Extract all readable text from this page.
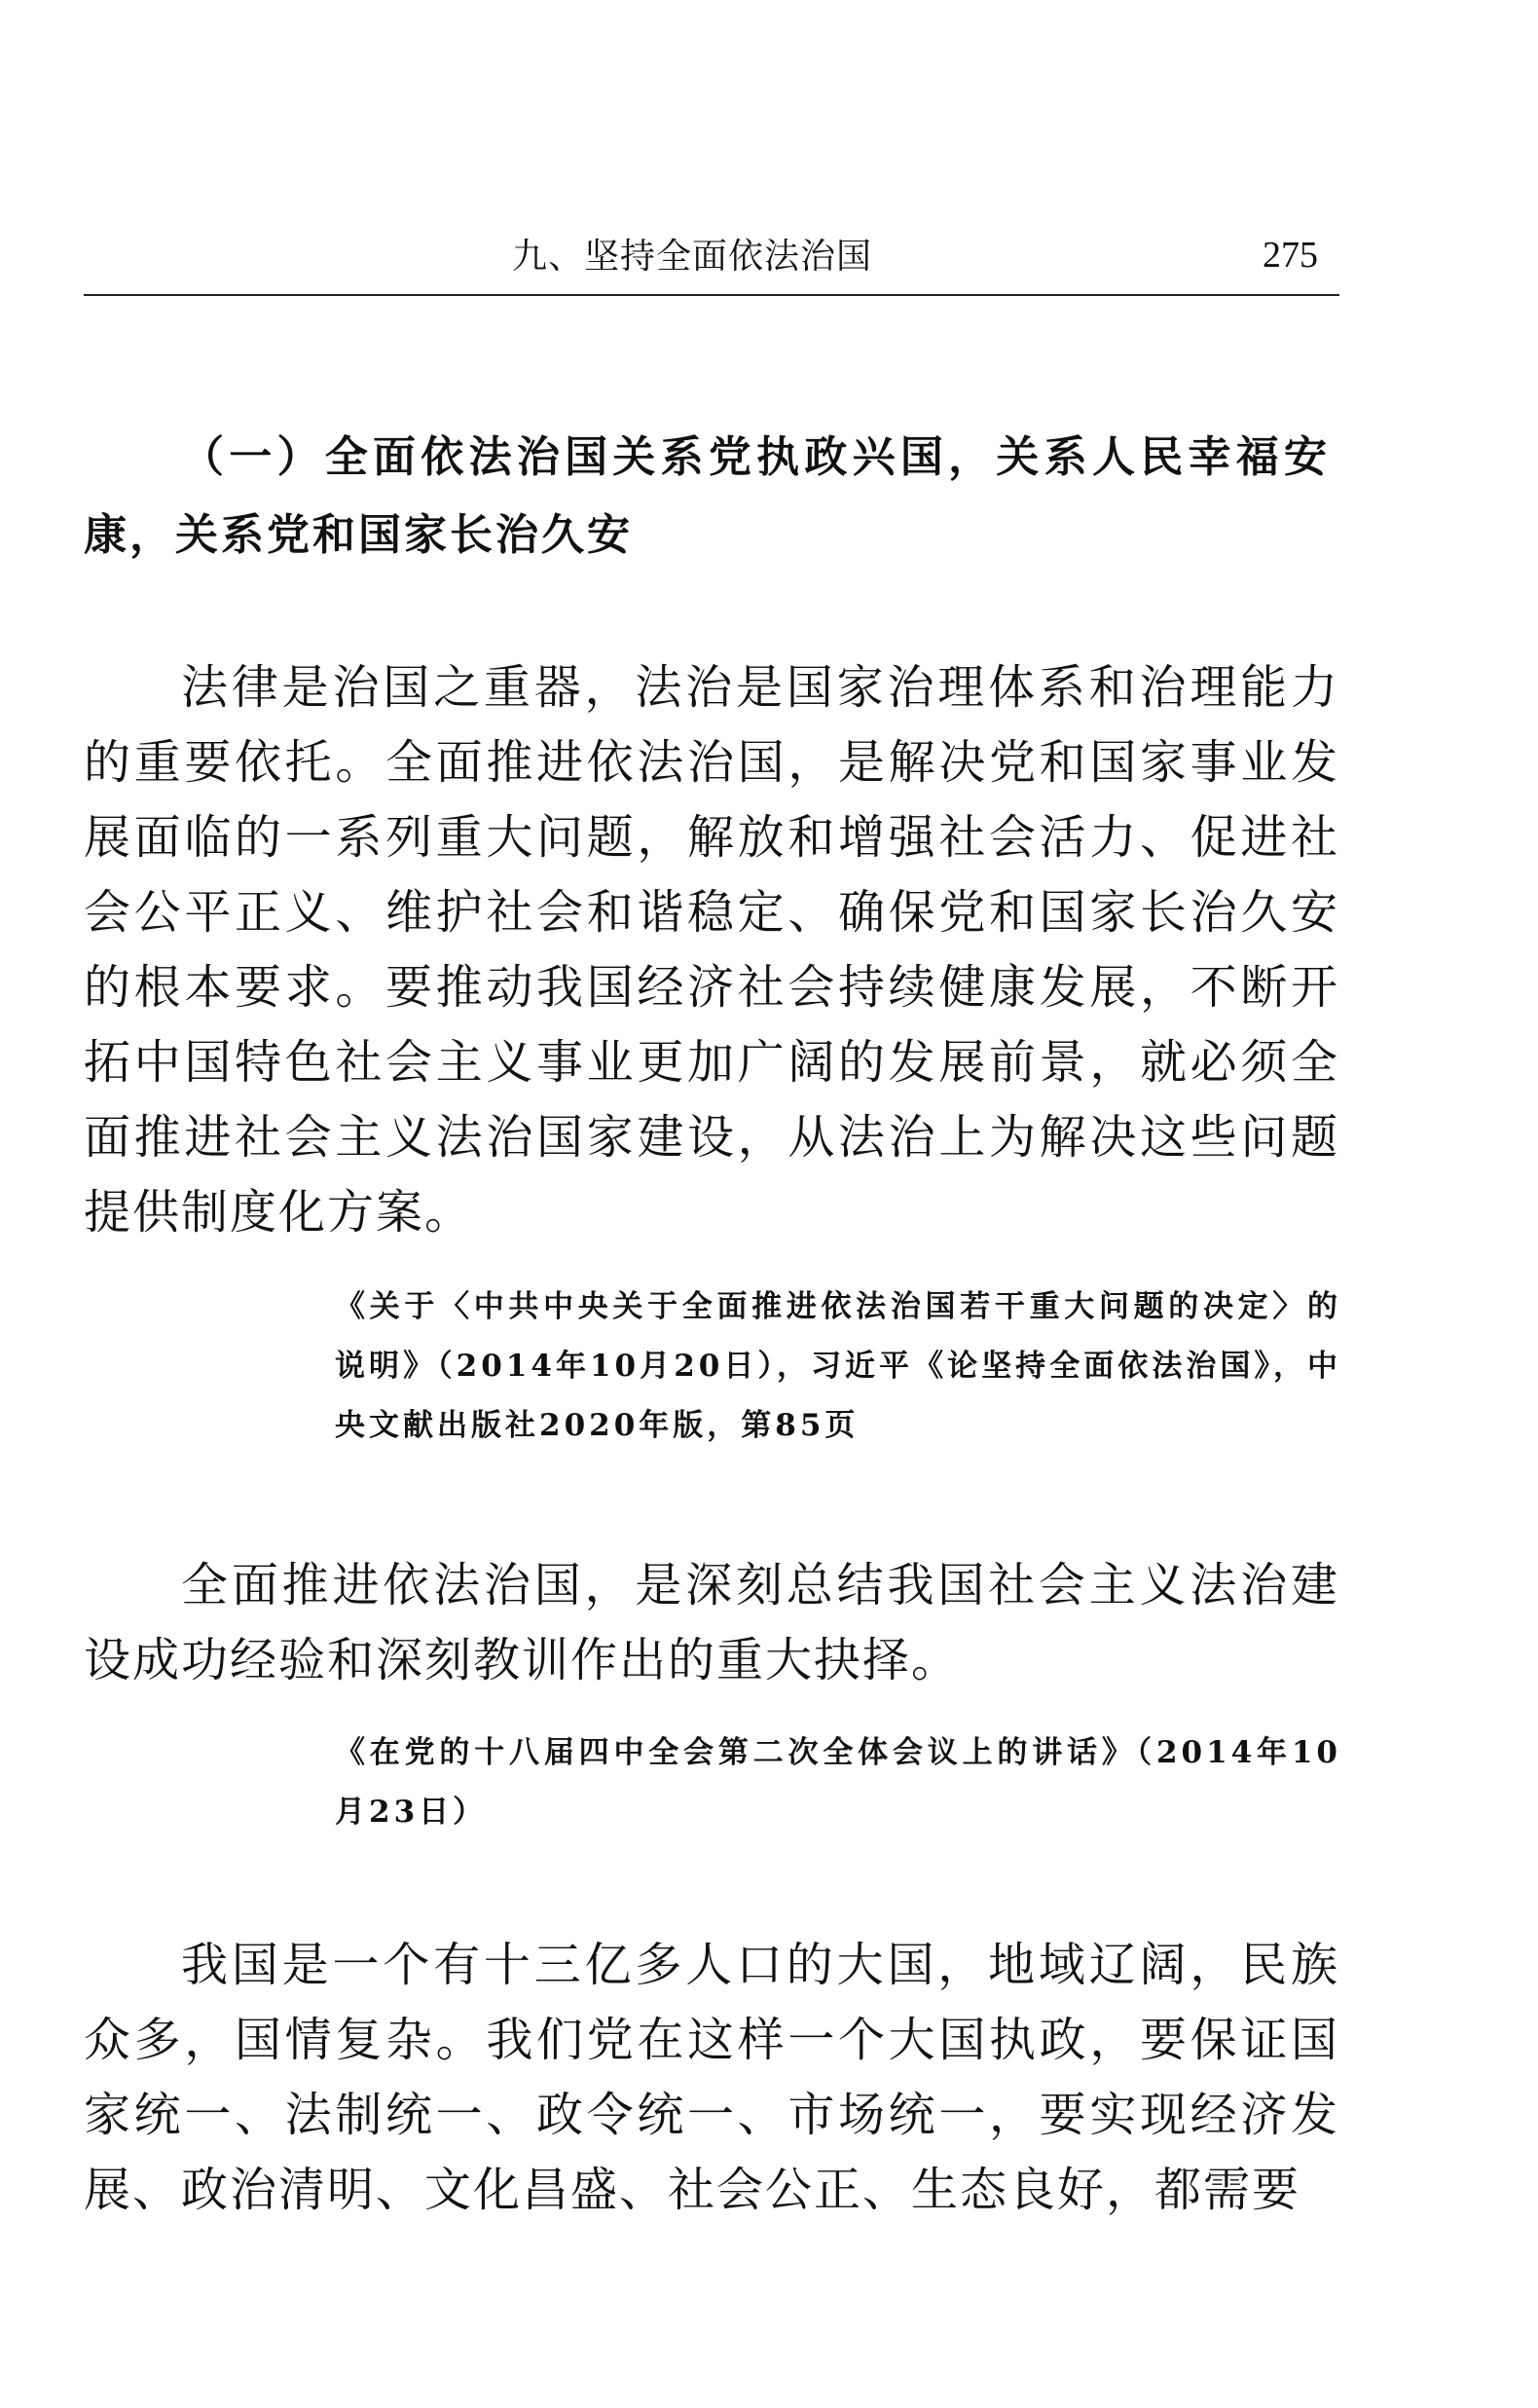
九、坚持全面依法治国	275
（一）全面依法治国关系党执政兴国，关系人民幸福安康，关系党和国家长治久安

法律是治国之重器，法治是国家治理体系和治理能力的重要依托。全面推进依法治国，是解决党和国家事业发展面临的一系列重大问题，解放和增强社会活力、促进社会公平正义、维护社会和谐稳定、确保党和国家长治久安的根本要求。要推动我国经济社会持续健康发展，不断开拓中国特色社会主义事业更加广阔的发展前景，就必须全面推进社会主义法治国家建设，从法治上为解决这些问题提供制度化方案。

《关于〈中共中央关于全面推进依法治国若干重大问题的决定〉的说明》（2014年10月20日），习近平《论坚持全面依法治国》，中央文献出版社2020年版，第85页

全面推进依法治国，是深刻总结我国社会主义法治建设成功经验和深刻教训作出的重大抉择。

《在党的十八届四中全会第二次全体会议上的讲话》（2014年10月23日）

我国是一个有十三亿多人口的大国，地域辽阔，民族众多，国情复杂。我们党在这样一个大国执政，要保证国家统一、法制统一、政令统一、市场统一，要实现经济发展、政治清明、文化昌盛、社会公正、生态良好，都需要
